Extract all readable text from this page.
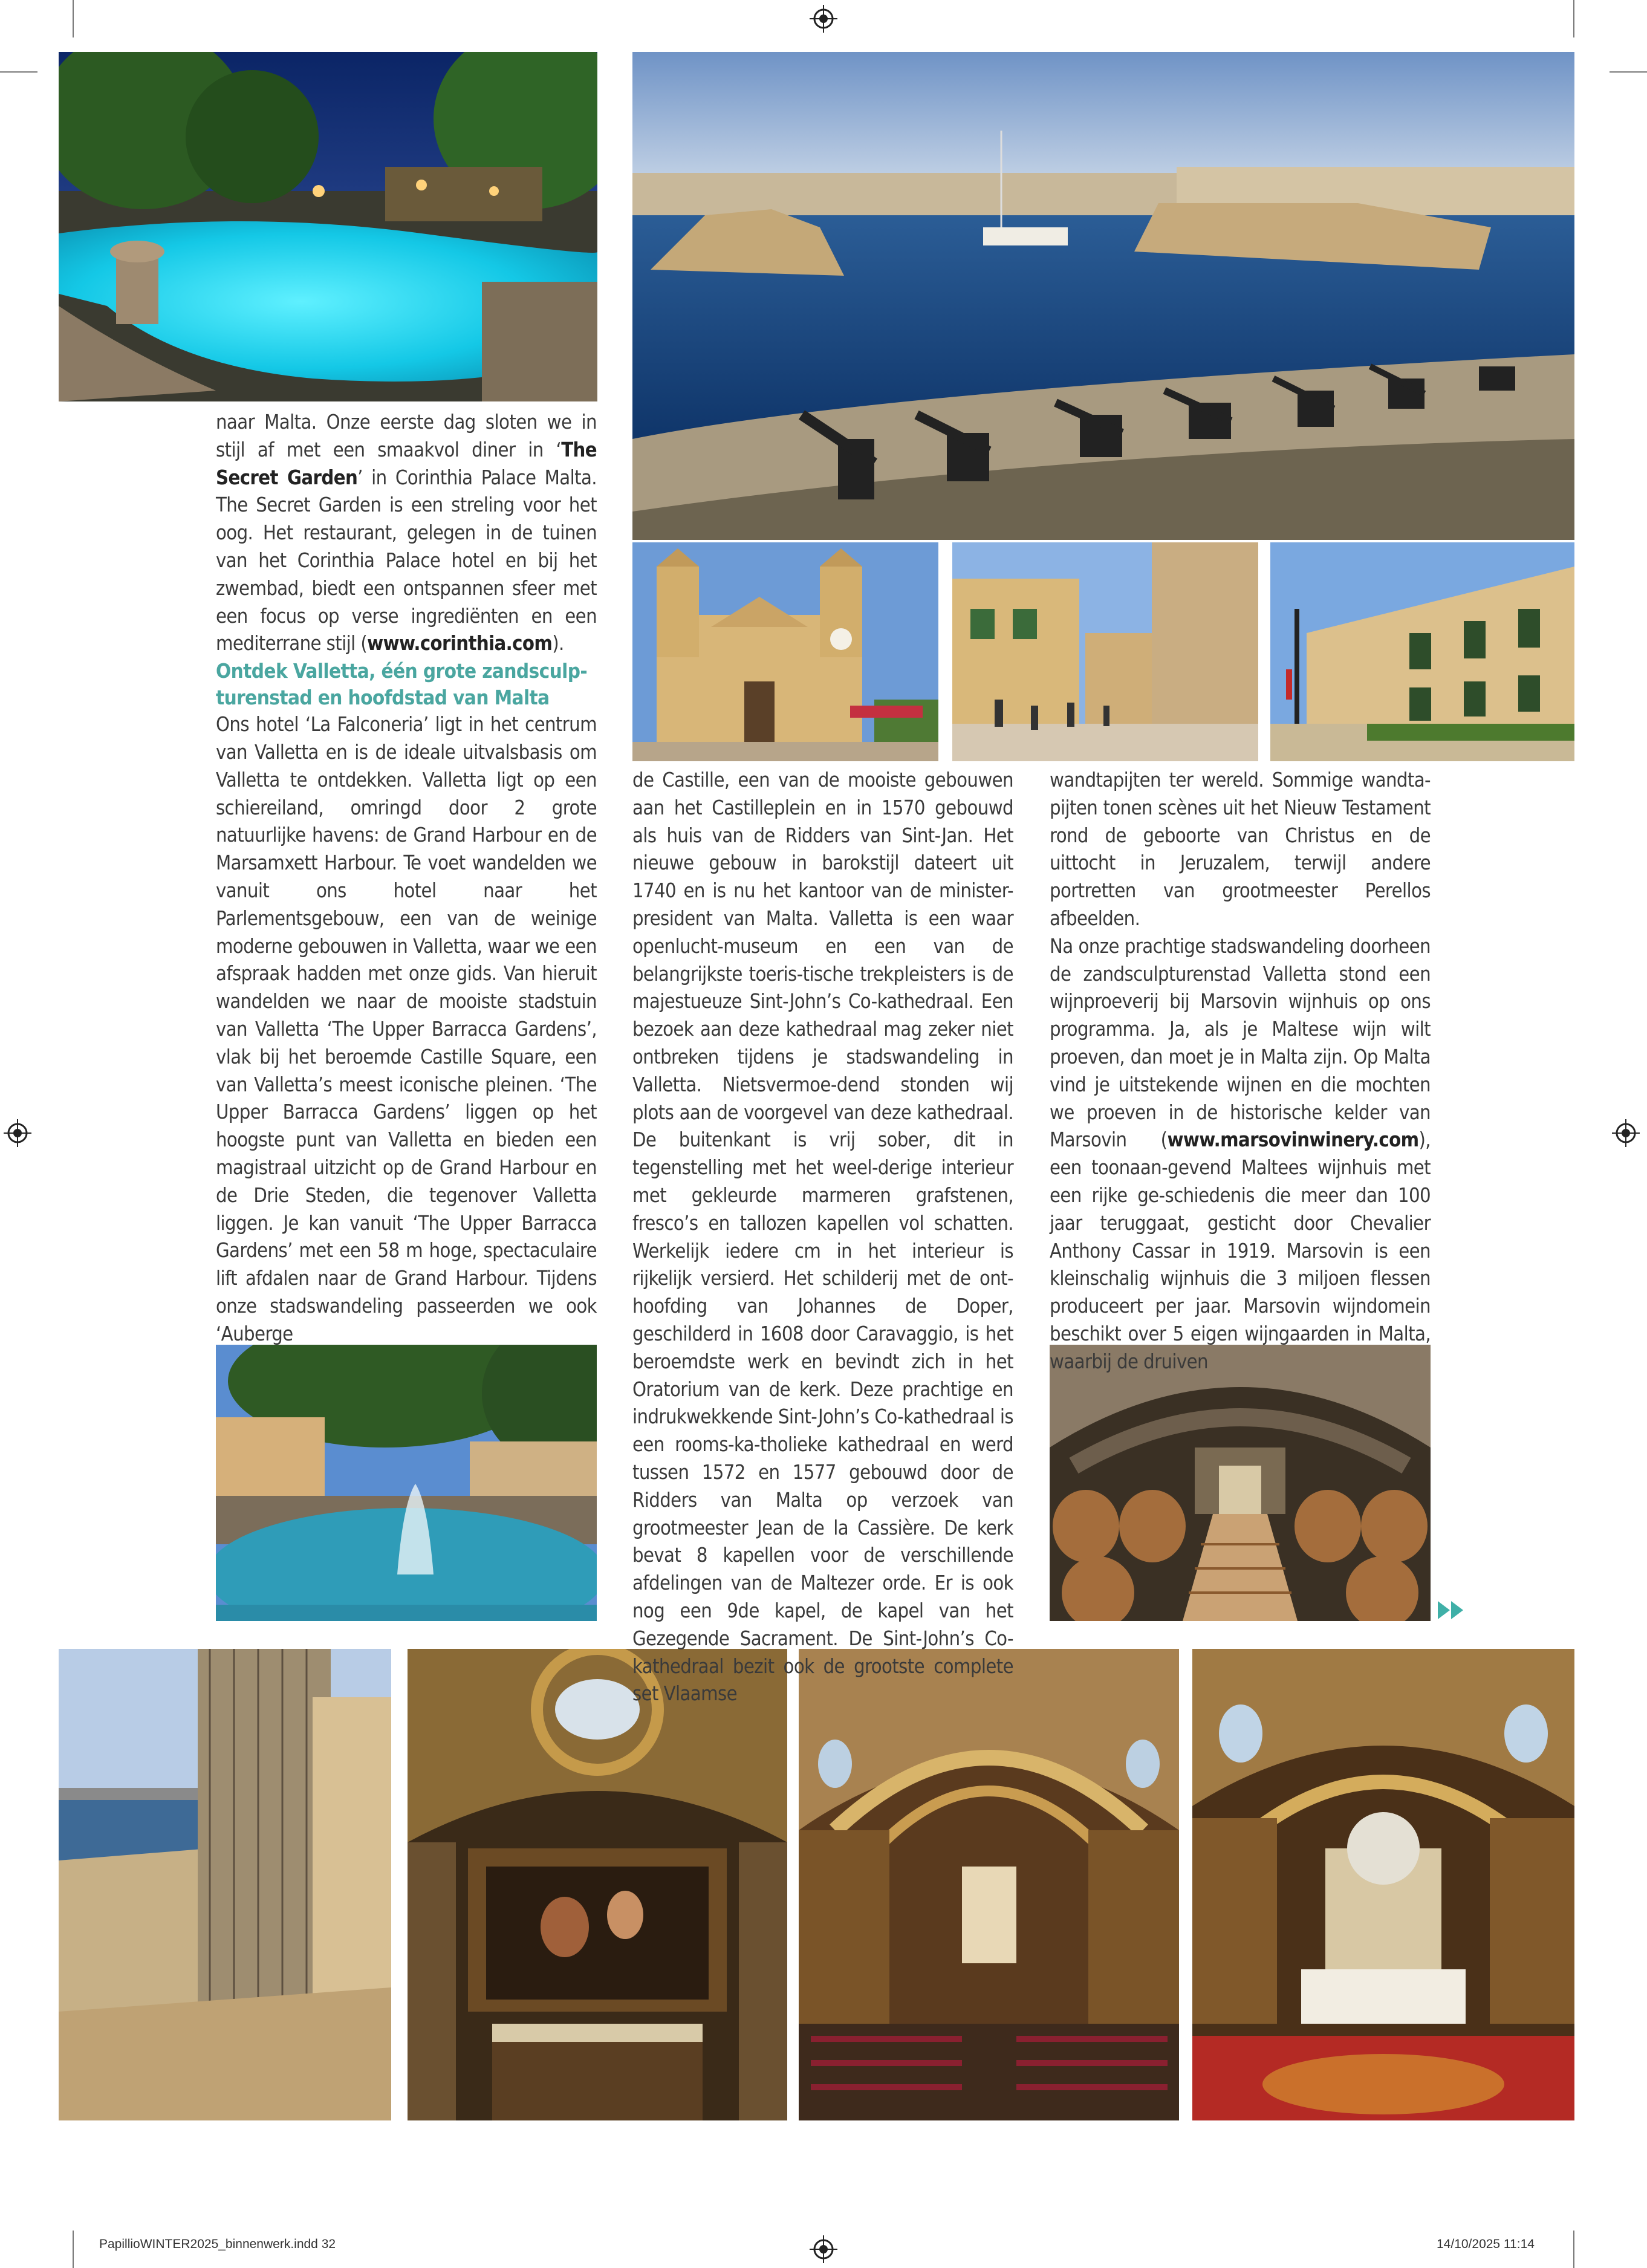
naar Malta. Onze eerste dag sloten we in stijl af met een smaakvol diner in ‘The Secret Garden’ in Corinthia Palace Malta. The Secret Garden is een streling voor het oog. Het restaurant, gelegen in de tuinen van het Corinthia Palace hotel en bij het zwembad, biedt een ontspannen sfeer met een focus op verse ingrediënten en een mediterrane stijl (www.corinthia.com).

Ontdek Valletta, één grote zandsculp-turenstad en hoofdstad van Malta

Ons hotel ‘La Falconeria’ ligt in het centrum van Valletta en is de ideale uitvalsbasis om Valletta te ontdekken. Valletta ligt op een schiereiland, omringd door 2 grote natuurlijke havens: de Grand Harbour en de Marsamxett Harbour. Te voet wandelden we vanuit ons hotel naar het Parlementsgebouw, een van de weinige moderne gebouwen in Valletta, waar we een afspraak hadden met onze gids. Van hieruit wandelden we naar de mooiste stadstuin van Valletta ‘The Upper Barracca Gardens’, vlak bij het beroemde Castille Square, een van Valletta’s meest iconische pleinen. ‘The Upper Barracca Gardens’ liggen op het hoogste punt van Valletta en bieden een magistraal uitzicht op de Grand Harbour en de Drie Steden, die tegenover Valletta liggen. Je kan vanuit ‘The Upper Barracca Gardens’ met een 58 m hoge, spectaculaire lift afdalen naar de Grand Harbour. Tijdens onze stadswandeling passeerden we ook ‘Auberge

de Castille, een van de mooiste gebouwen aan het Castilleplein en in 1570 gebouwd als huis van de Ridders van Sint-Jan. Het nieuwe gebouw in barokstijl dateert uit 1740 en is nu het kantoor van de minister-president van Malta. Valletta is een waar openlucht-museum en een van de belangrijkste toeris-tische trekpleisters is de majestueuze Sint-John’s Co-kathedraal. Een bezoek aan deze kathedraal mag zeker niet ontbreken tijdens je stadswandeling in Valletta. Nietsvermoe-dend stonden wij plots aan de voorgevel van deze kathedraal. De buitenkant is vrij sober, dit in tegenstelling met het weel-derige interieur met gekleurde marmeren grafstenen, fresco’s en tallozen kapellen vol schatten. Werkelijk iedere cm in het interieur is rijkelijk versierd. Het schilderij met de ont-hoofding van Johannes de Doper, geschilderd in 1608 door Caravaggio, is het beroemdste werk en bevindt zich in het Oratorium van de kerk. Deze prachtige en indrukwekkende Sint-John’s Co-kathedraal is een rooms-ka-tholieke kathedraal en werd tussen 1572 en 1577 gebouwd door de Ridders van Malta op verzoek van grootmeester Jean de la Cassière. De kerk bevat 8 kapellen voor de verschillende afdelingen van de Maltezer orde. Er is ook nog een 9de kapel, de kapel van het Gezegende Sacrament. De Sint-John’s Co-kathedraal bezit ook de grootste complete set Vlaamse

wandtapijten ter wereld. Sommige wandta-pijten tonen scènes uit het Nieuw Testament rond de geboorte van Christus en de uittocht in Jeruzalem, terwijl andere portretten van grootmeester Perellos afbeelden.

Na onze prachtige stadswandeling doorheen de zandsculpturenstad Valletta stond een wijnproeverij bij Marsovin wijnhuis op ons programma. Ja, als je Maltese wijn wilt proeven, dan moet je in Malta zijn. Op Malta vind je uitstekende wijnen en die mochten we proeven in de historische kelder van Marsovin (www.marsovinwinery.com), een toonaan-gevend Maltees wijnhuis met een rijke ge-schiedenis die meer dan 100 jaar teruggaat, gesticht door Chevalier Anthony Cassar in 1919. Marsovin is een kleinschalig wijnhuis die 3 miljoen flessen produceert per jaar. Marsovin wijndomein beschikt over 5 eigen wijngaarden in Malta, waarbij de druiven

PapillioWINTER2025_binnenwerk.indd 32	14/10/2025 11:14
